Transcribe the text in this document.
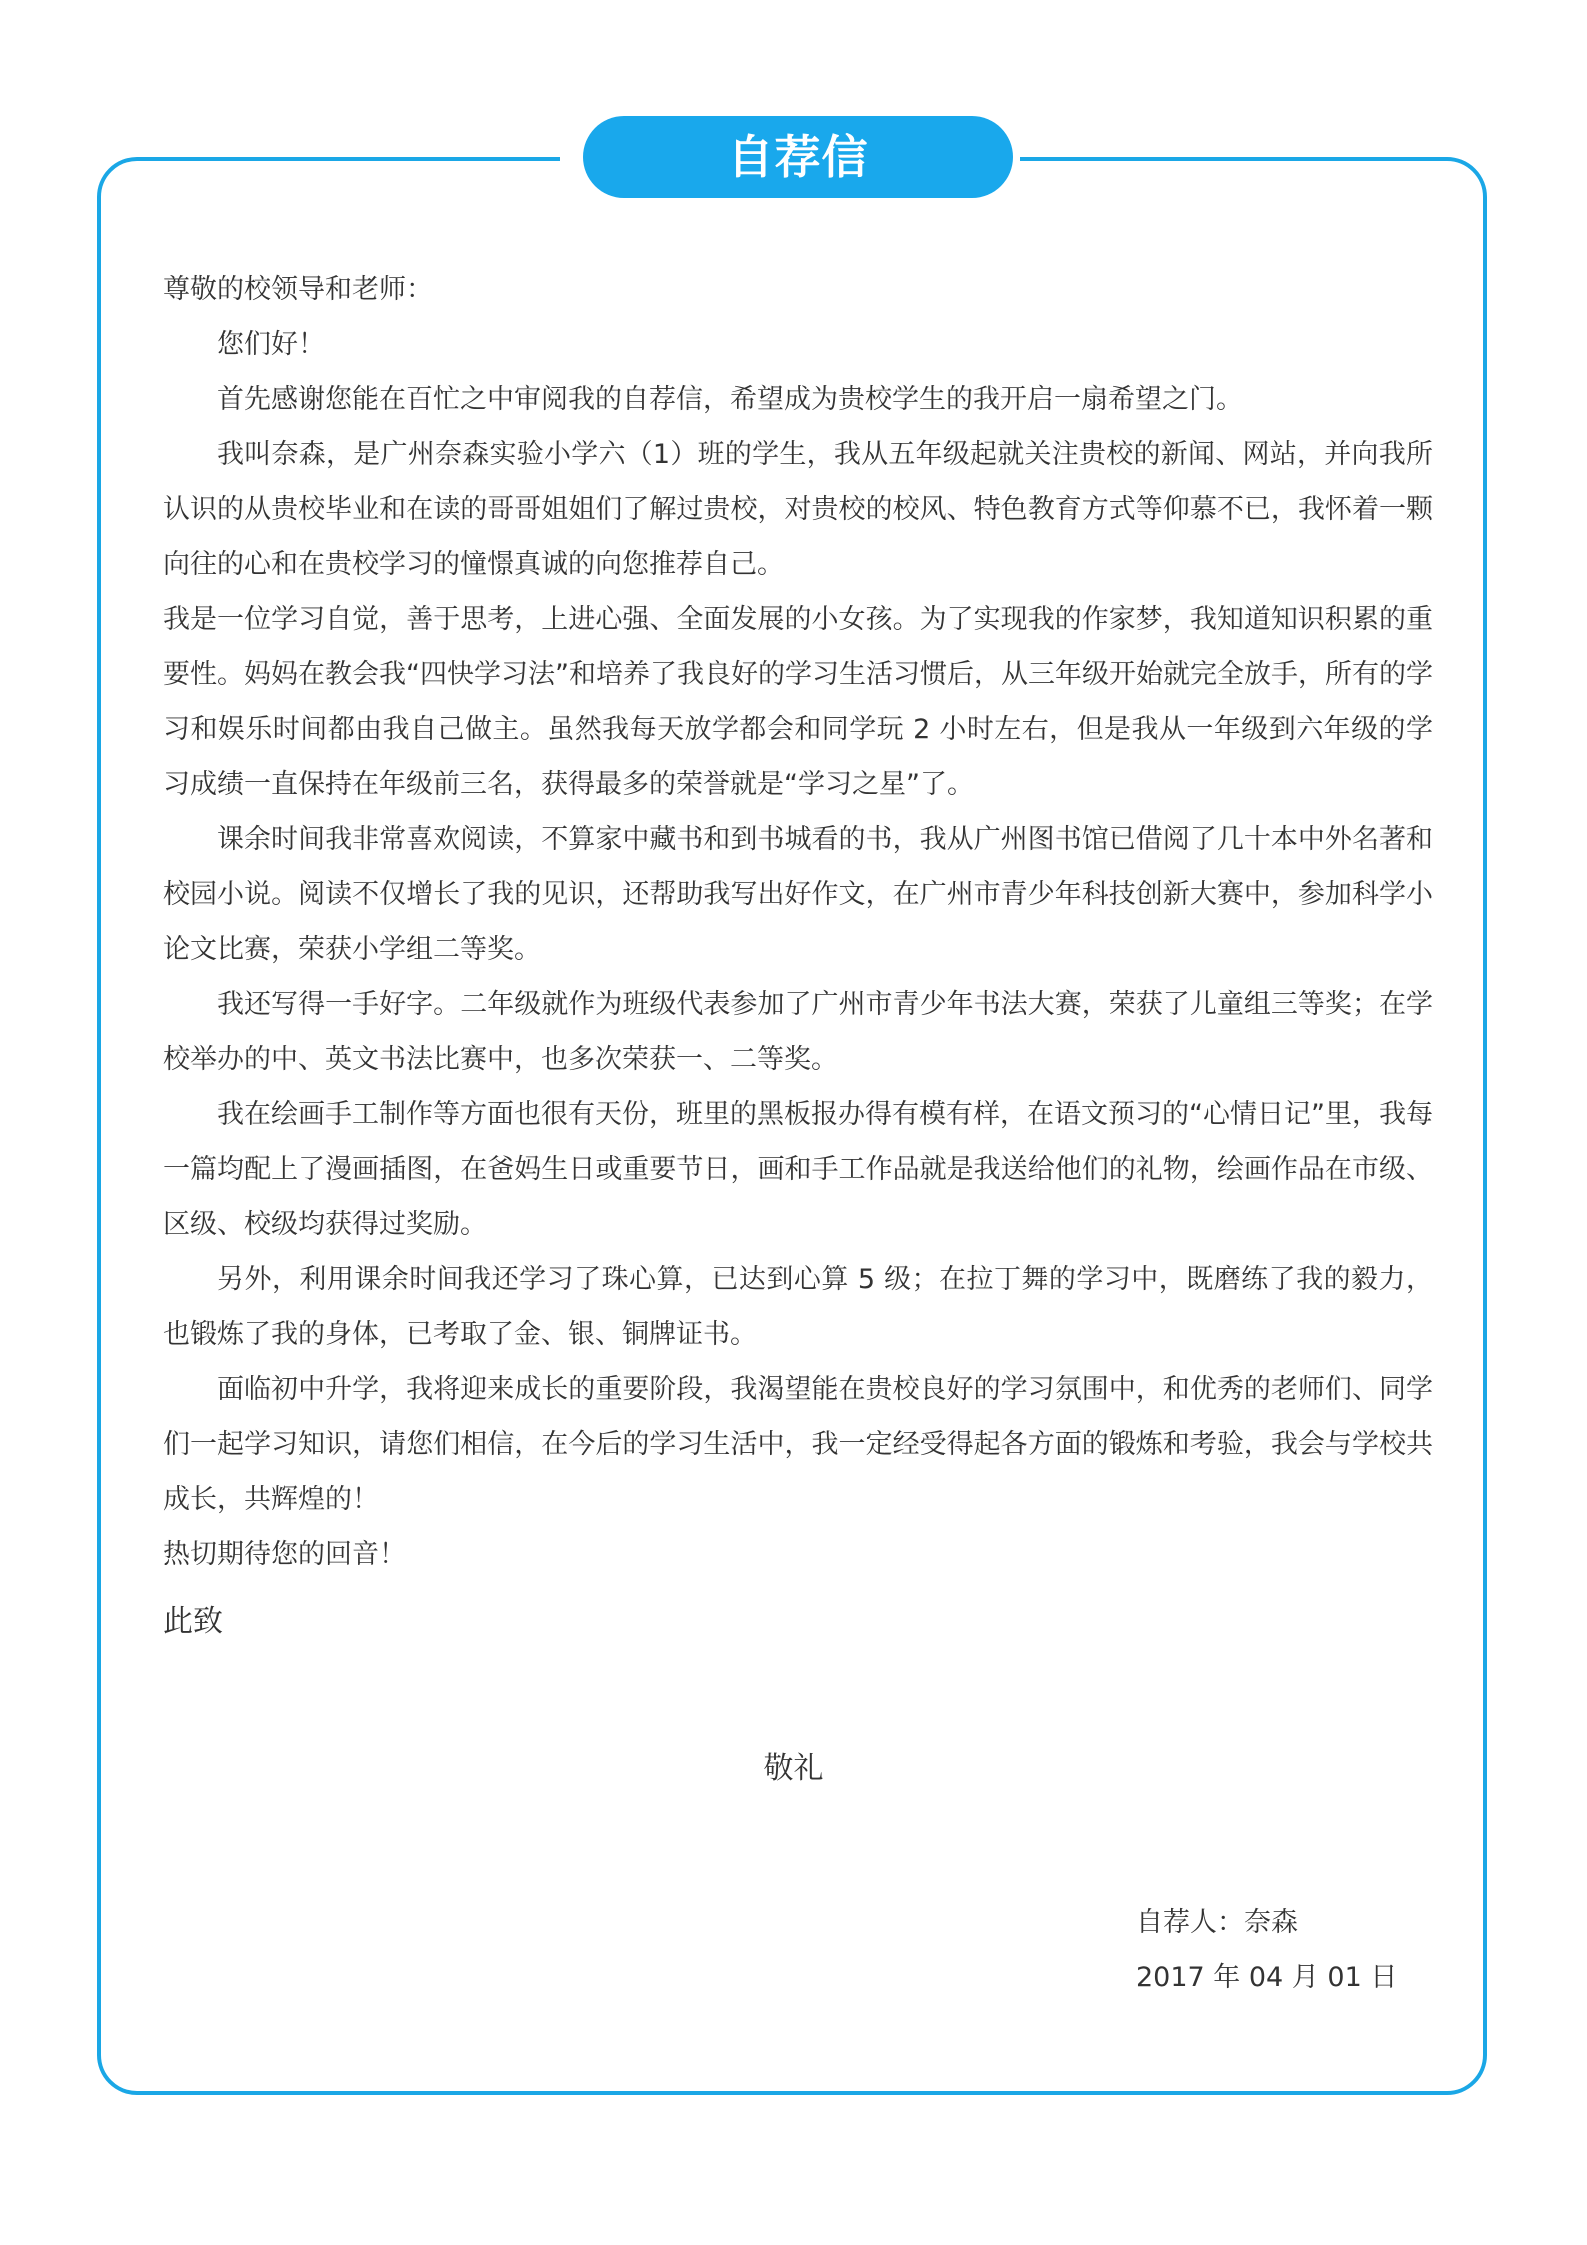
自荐信

尊敬的校领导和老师：

您们好！

首先感谢您能在百忙之中审阅我的自荐信，希望成为贵校学生的我开启一扇希望之门。

我叫奈森，是广州奈森实验小学六（1）班的学生，我从五年级起就关注贵校的新闻、网站，并向我所认识的从贵校毕业和在读的哥哥姐姐们了解过贵校，对贵校的校风、特色教育方式等仰慕不已，我怀着一颗向往的心和在贵校学习的憧憬真诚的向您推荐自己。

我是一位学习自觉，善于思考，上进心强、全面发展的小女孩。为了实现我的作家梦，我知道知识积累的重要性。妈妈在教会我“四快学习法”和培养了我良好的学习生活习惯后，从三年级开始就完全放手，所有的学习和娱乐时间都由我自己做主。虽然我每天放学都会和同学玩 2 小时左右，但是我从一年级到六年级的学习成绩一直保持在年级前三名，获得最多的荣誉就是“学习之星”了。

课余时间我非常喜欢阅读，不算家中藏书和到书城看的书，我从广州图书馆已借阅了几十本中外名著和校园小说。阅读不仅增长了我的见识，还帮助我写出好作文，在广州市青少年科技创新大赛中，参加科学小论文比赛，荣获小学组二等奖。

我还写得一手好字。二年级就作为班级代表参加了广州市青少年书法大赛，荣获了儿童组三等奖；在学校举办的中、英文书法比赛中，也多次荣获一、二等奖。

我在绘画手工制作等方面也很有天份，班里的黑板报办得有模有样，在语文预习的“心情日记”里，我每一篇均配上了漫画插图，在爸妈生日或重要节日，画和手工作品就是我送给他们的礼物，绘画作品在市级、区级、校级均获得过奖励。

另外，利用课余时间我还学习了珠心算，已达到心算 5 级；在拉丁舞的学习中，既磨练了我的毅力，也锻炼了我的身体，已考取了金、银、铜牌证书。

面临初中升学，我将迎来成长的重要阶段，我渴望能在贵校良好的学习氛围中，和优秀的老师们、同学们一起学习知识，请您们相信，在今后的学习生活中，我一定经受得起各方面的锻炼和考验，我会与学校共成长，共辉煌的！

热切期待您的回音！

此致

敬礼
自荐人：奈森
2017 年 04 月 01 日
